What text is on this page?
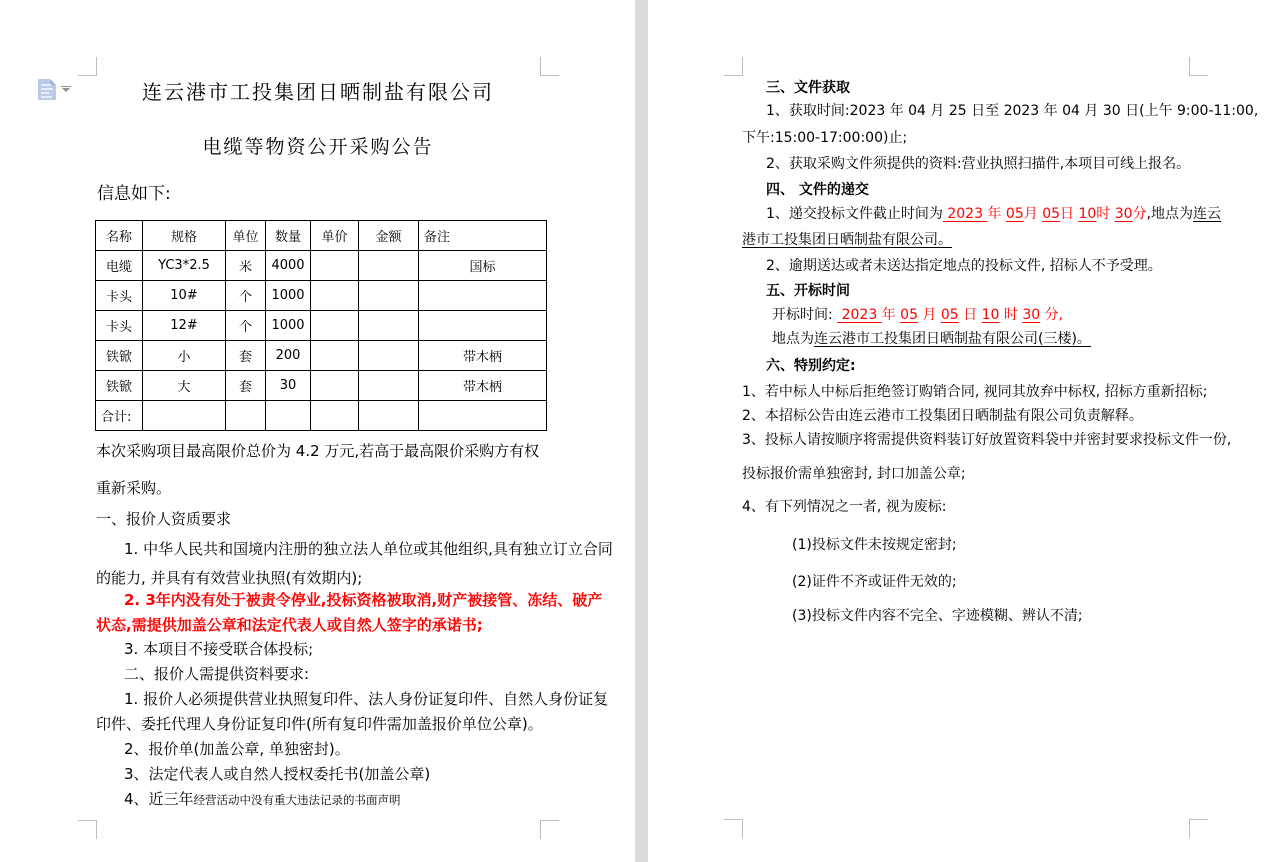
连云港市工投集团日晒制盐有限公司
电缆等物资公开采购公告
信息如下:
名称	规格	单位	数量	单价	金额	备注
电缆	YC3*2.5	米	4000			国标
卡头	10#	个	1000			
卡头	12#	个	1000			
铁锨	小	套	200			带木柄
铁锨	大	套	30			带木柄
合计:						
本次采购项目最高限价总价为 4.2 万元,若高于最高限价采购方有权
重新采购。
一、报价人资质要求
1. 中华人民共和国境内注册的独立法人单位或其他组织,具有独立订立合同
的能力, 并具有有效营业执照(有效期内);
2. 3年内没有处于被责令停业,投标资格被取消,财产被接管、冻结、破产
状态,需提供加盖公章和法定代表人或自然人签字的承诺书;
3. 本项目不接受联合体投标;
二、报价人需提供资料要求:
1. 报价人必须提供营业执照复印件、法人身份证复印件、自然人身份证复
印件、委托代理人身份证复印件(所有复印件需加盖报价单位公章)。
2、报价单(加盖公章, 单独密封)。
3、法定代表人或自然人授权委托书(加盖公章)
4、近三年经营活动中没有重大违法记录的书面声明
三、文件获取
1、获取时间:2023 年 04 月 25 日至 2023 年 04 月 30 日(上午 9:00-11:00,
下午:15:00-17:00:00)止;
2、获取采购文件须提供的资料:营业执照扫描件,本项目可线上报名。
四、 文件的递交
1、递交投标文件截止时间为 2023 年 05月 05日 10时 30分,地点为连云
港市工投集团日晒制盐有限公司。
2、逾期送达或者未送达指定地点的投标文件, 招标人不予受理。
五、开标时间
开标时间:  2023 年 05 月 05 日 10 时 30 分,
地点为连云港市工投集团日晒制盐有限公司(三楼)。
六、特别约定:
1、若中标人中标后拒绝签订购销合同, 视同其放弃中标权, 招标方重新招标;
2、本招标公告由连云港市工投集团日晒制盐有限公司负责解释。
3、投标人请按顺序将需提供资料装订好放置资料袋中并密封要求投标文件一份,
投标报价需单独密封, 封口加盖公章;
4、有下列情况之一者, 视为废标:
(1)投标文件未按规定密封;
(2)证件不齐或证件无效的;
(3)投标文件内容不完全、字迹模糊、辨认不清;
